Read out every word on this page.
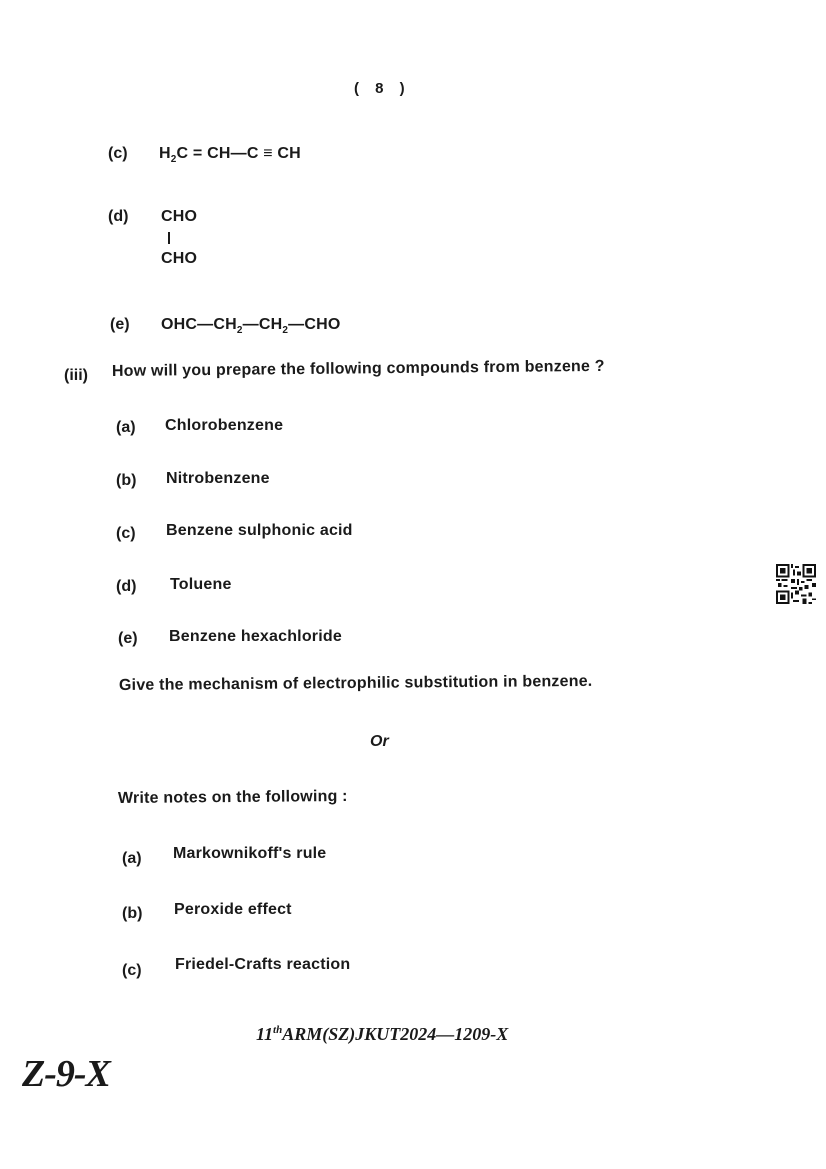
( 8 )
(c) $H_2C$ = CH—C ≡ CH
(d) CHO
CHO
(e) $OHC—CH_2—CH_2—CHO$
(iii) How will you prepare the following compounds from benzene ?
(a) Chlorobenzene
(b) Nitrobenzene
(c) Benzene sulphonic acid
(d) Toluene
(e) Benzene hexachloride
Give the mechanism of electrophilic substitution in benzene.
Or
Write notes on the following :
(a) Markownikoff's rule
(b) Peroxide effect
(c) Friedel-Crafts reaction
11thARM(SZ)JKUT2024—1209-X
Z-9-X
